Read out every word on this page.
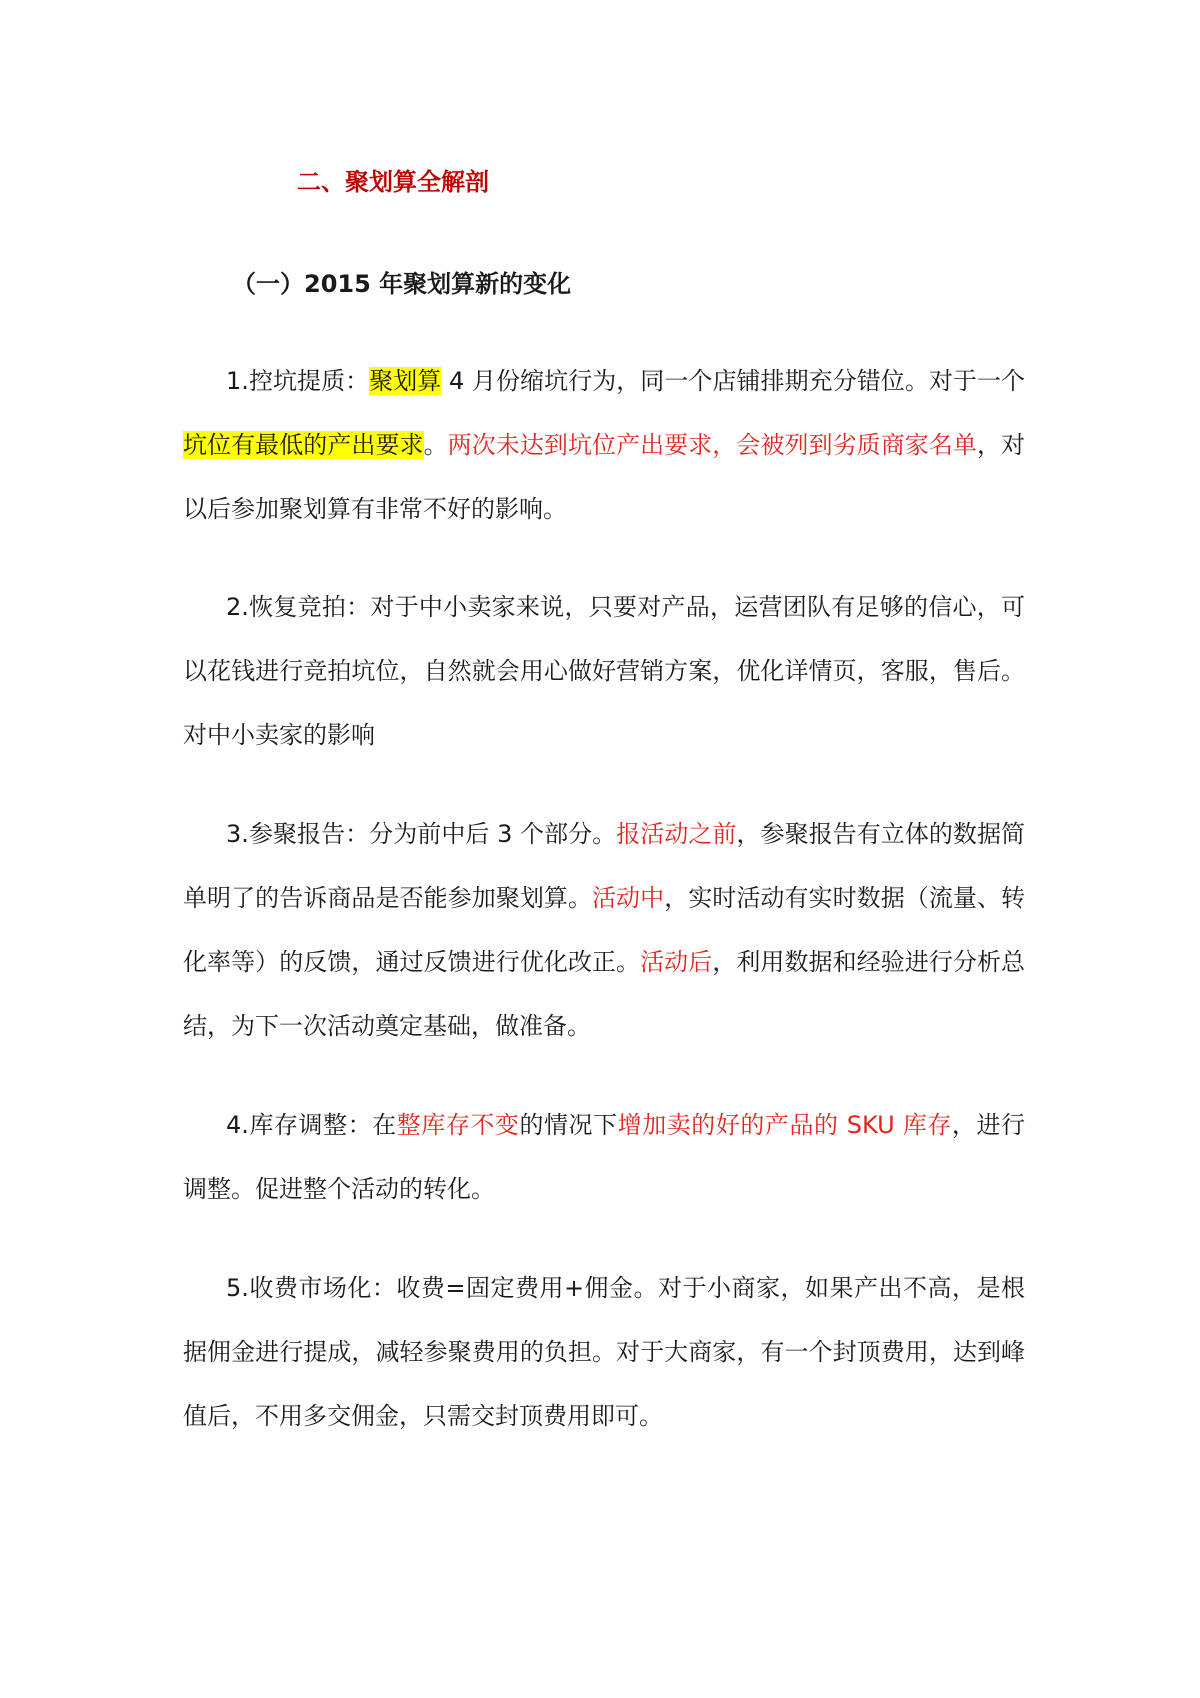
二、聚划算全解剖
（一）2015 年聚划算新的变化

1.控坑提质：聚划算 4 月份缩坑行为，同一个店铺排期充分错位。对于一个坑位有最低的产出要求。两次未达到坑位产出要求，会被列到劣质商家名单，对以后参加聚划算有非常不好的影响。

2.恢复竞拍：对于中小卖家来说，只要对产品，运营团队有足够的信心，可以花钱进行竞拍坑位，自然就会用心做好营销方案，优化详情页，客服，售后。对中小卖家的影响

3.参聚报告：分为前中后 3 个部分。报活动之前，参聚报告有立体的数据简单明了的告诉商品是否能参加聚划算。活动中，实时活动有实时数据（流量、转化率等）的反馈，通过反馈进行优化改正。活动后，利用数据和经验进行分析总结，为下一次活动奠定基础，做准备。

4.库存调整：在整库存不变的情况下增加卖的好的产品的 SKU 库存，进行调整。促进整个活动的转化。

5.收费市场化：收费=固定费用+佣金。对于小商家，如果产出不高，是根据佣金进行提成，减轻参聚费用的负担。对于大商家，有一个封顶费用，达到峰值后，不用多交佣金，只需交封顶费用即可。
